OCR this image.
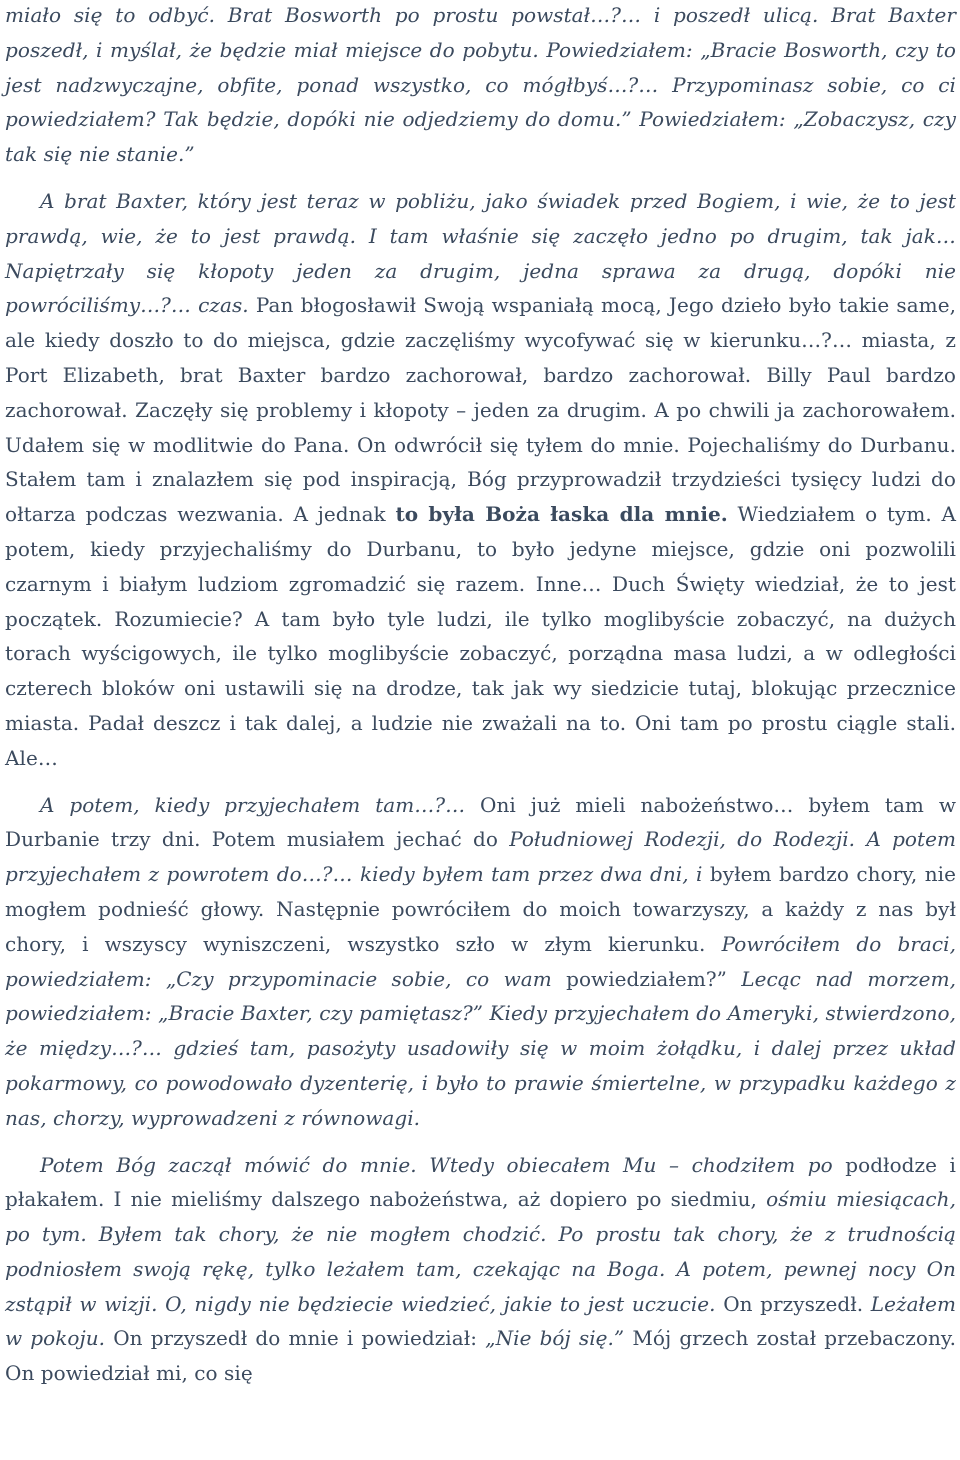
miało się to odbyć. Brat Bosworth po prostu powstał…?… i poszedł ulicą. Brat Baxter poszedł, i myślał, że będzie miał miejsce do pobytu. Powiedziałem: „Bracie Bosworth, czy to jest nadzwyczajne, obfite, ponad wszystko, co mógłbyś…?… Przypominasz sobie, co ci powiedziałem? Tak będzie, dopóki nie odjedziemy do domu.” Powiedziałem: „Zobaczysz, czy tak się nie stanie.”

A brat Baxter, który jest teraz w pobliżu, jako świadek przed Bogiem, i wie, że to jest prawdą, wie, że to jest prawdą. I tam właśnie się zaczęło jedno po drugim, tak jak… Napiętrzały się kłopoty jeden za drugim, jedna sprawa za drugą, dopóki nie powróciliśmy…?… czas. Pan błogosławił Swoją wspaniałą mocą, Jego dzieło było takie same, ale kiedy doszło to do miejsca, gdzie zaczęliśmy wycofywać się w kierunku…?… miasta, z Port Elizabeth, brat Baxter bardzo zachorował, bardzo zachorował. Billy Paul bardzo zachorował. Zaczęły się problemy i kłopoty – jeden za drugim. A po chwili ja zachorowałem. Udałem się w modlitwie do Pana. On odwrócił się tyłem do mnie. Pojechaliśmy do Durbanu. Stałem tam i znalazłem się pod inspiracją, Bóg przyprowadził trzydzieści tysięcy ludzi do ołtarza podczas wezwania. A jednak to była Boża łaska dla mnie. Wiedziałem o tym. A potem, kiedy przyjechaliśmy do Durbanu, to było jedyne miejsce, gdzie oni pozwolili czarnym i białym ludziom zgromadzić się razem. Inne… Duch Święty wiedział, że to jest początek. Rozumiecie? A tam było tyle ludzi, ile tylko moglibyście zobaczyć, na dużych torach wyścigowych, ile tylko moglibyście zobaczyć, porządna masa ludzi, a w odległości czterech bloków oni ustawili się na drodze, tak jak wy siedzicie tutaj, blokując przecznice miasta. Padał deszcz i tak dalej, a ludzie nie zważali na to. Oni tam po prostu ciągle stali. Ale…

A potem, kiedy przyjechałem tam…?… Oni już mieli nabożeństwo… byłem tam w Durbanie trzy dni. Potem musiałem jechać do Południowej Rodezji, do Rodezji. A potem przyjechałem z powrotem do…?… kiedy byłem tam przez dwa dni, i byłem bardzo chory, nie mogłem podnieść głowy. Następnie powróciłem do moich towarzyszy, a każdy z nas był chory, i wszyscy wyniszczeni, wszystko szło w złym kierunku. Powróciłem do braci, powiedziałem: „Czy przypominacie sobie, co wam powiedziałem?” Lecąc nad morzem, powiedziałem: „Bracie Baxter, czy pamiętasz?” Kiedy przyjechałem do Ameryki, stwierdzono, że między…?… gdzieś tam, pasożyty usadowiły się w moim żołądku, i dalej przez układ pokarmowy, co powodowało dyzenterię, i było to prawie śmiertelne, w przypadku każdego z nas, chorzy, wyprowadzeni z równowagi.

Potem Bóg zaczął mówić do mnie. Wtedy obiecałem Mu – chodziłem po podłodze i płakałem. I nie mieliśmy dalszego nabożeństwa, aż dopiero po siedmiu, ośmiu miesiącach, po tym. Byłem tak chory, że nie mogłem chodzić. Po prostu tak chory, że z trudnością podniosłem swoją rękę, tylko leżałem tam, czekając na Boga. A potem, pewnej nocy On zstąpił w wizji. O, nigdy nie będziecie wiedzieć, jakie to jest uczucie. On przyszedł. Leżałem w pokoju. On przyszedł do mnie i powiedział: „Nie bój się.” Mój grzech został przebaczony. On powiedział mi, co się
